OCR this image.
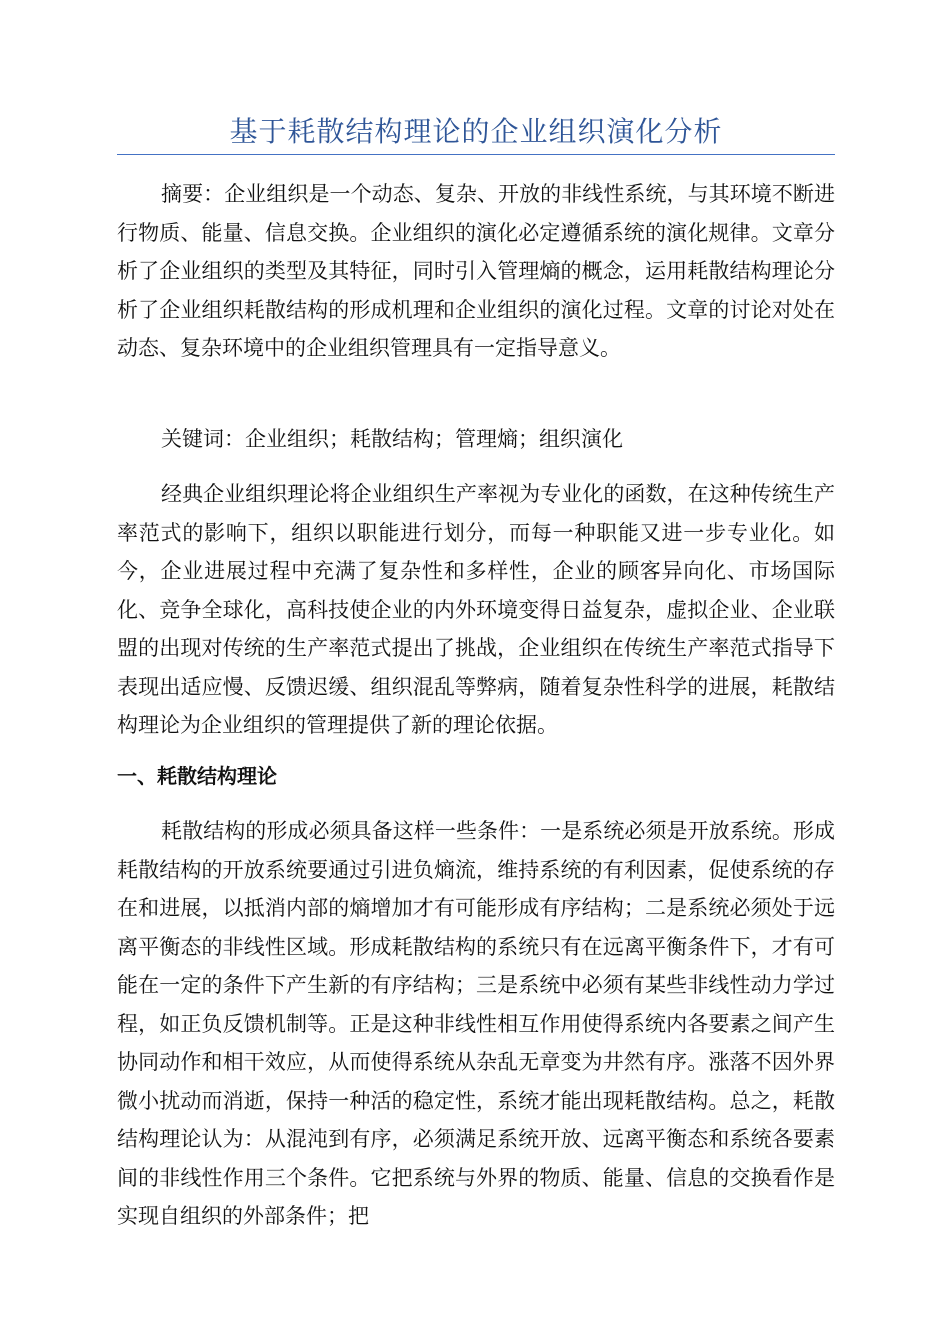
基于耗散结构理论的企业组织演化分析

摘要：企业组织是一个动态、复杂、开放的非线性系统，与其环境不断进行物质、能量、信息交换。企业组织的演化必定遵循系统的演化规律。文章分析了企业组织的类型及其特征，同时引入管理熵的概念，运用耗散结构理论分析了企业组织耗散结构的形成机理和企业组织的演化过程。文章的讨论对处在动态、复杂环境中的企业组织管理具有一定指导意义。

关键词：企业组织；耗散结构；管理熵；组织演化

经典企业组织理论将企业组织生产率视为专业化的函数，在这种传统生产率范式的影响下，组织以职能进行划分，而每一种职能又进一步专业化。如今，企业进展过程中充满了复杂性和多样性，企业的顾客异向化、市场国际化、竞争全球化，高科技使企业的内外环境变得日益复杂，虚拟企业、企业联盟的出现对传统的生产率范式提出了挑战，企业组织在传统生产率范式指导下表现出适应慢、反馈迟缓、组织混乱等弊病，随着复杂性科学的进展，耗散结构理论为企业组织的管理提供了新的理论依据。

一、耗散结构理论

耗散结构的形成必须具备这样一些条件：一是系统必须是开放系统。形成耗散结构的开放系统要通过引进负熵流，维持系统的有利因素，促使系统的存在和进展，以抵消内部的熵增加才有可能形成有序结构；二是系统必须处于远离平衡态的非线性区域。形成耗散结构的系统只有在远离平衡条件下，才有可能在一定的条件下产生新的有序结构；三是系统中必须有某些非线性动力学过程，如正负反馈机制等。正是这种非线性相互作用使得系统内各要素之间产生协同动作和相干效应，从而使得系统从杂乱无章变为井然有序。涨落不因外界微小扰动而消逝，保持一种活的稳定性，系统才能出现耗散结构。总之，耗散结构理论认为：从混沌到有序，必须满足系统开放、远离平衡态和系统各要素间的非线性作用三个条件。它把系统与外界的物质、能量、信息的交换看作是实现自组织的外部条件；把
